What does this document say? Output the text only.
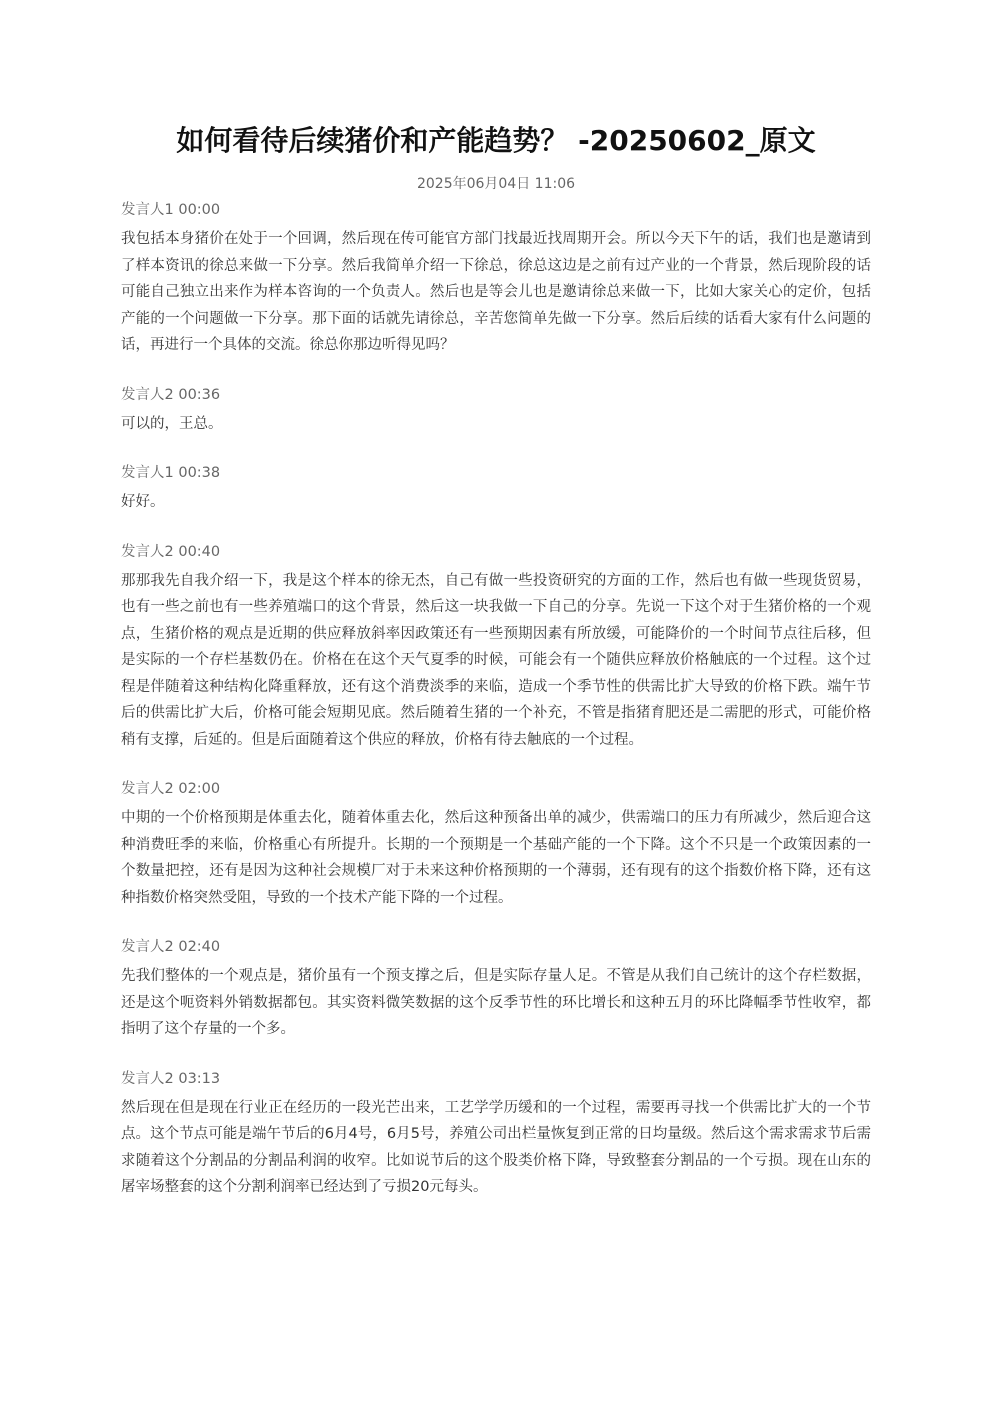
如何看待后续猪价和产能趋势？ -20250602_原文
2025年06月04日 11:06
发言人1 00:00
我包括本身猪价在处于一个回调，然后现在传可能官方部门找最近找周期开会。所以今天下午的话，我们也是邀请到了样本资讯的徐总来做一下分享。然后我简单介绍一下徐总，徐总这边是之前有过产业的一个背景，然后现阶段的话可能自己独立出来作为样本咨询的一个负责人。然后也是等会儿也是邀请徐总来做一下，比如大家关心的定价，包括产能的一个问题做一下分享。那下面的话就先请徐总，辛苦您简单先做一下分享。然后后续的话看大家有什么问题的话，再进行一个具体的交流。徐总你那边听得见吗？
发言人2 00:36
可以的，王总。
发言人1 00:38
好好。
发言人2 00:40
那那我先自我介绍一下，我是这个样本的徐无杰，自己有做一些投资研究的方面的工作，然后也有做一些现货贸易，也有一些之前也有一些养殖端口的这个背景，然后这一块我做一下自己的分享。先说一下这个对于生猪价格的一个观点，生猪价格的观点是近期的供应释放斜率因政策还有一些预期因素有所放缓，可能降价的一个时间节点往后移，但是实际的一个存栏基数仍在。价格在在这个天气夏季的时候，可能会有一个随供应释放价格触底的一个过程。这个过程是伴随着这种结构化降重释放，还有这个消费淡季的来临，造成一个季节性的供需比扩大导致的价格下跌。端午节后的供需比扩大后，价格可能会短期见底。然后随着生猪的一个补充，不管是指猪育肥还是二需肥的形式，可能价格稍有支撑，后延的。但是后面随着这个供应的释放，价格有待去触底的一个过程。
发言人2 02:00
中期的一个价格预期是体重去化，随着体重去化，然后这种预备出单的减少，供需端口的压力有所减少，然后迎合这种消费旺季的来临，价格重心有所提升。长期的一个预期是一个基础产能的一个下降。这个不只是一个政策因素的一个数量把控，还有是因为这种社会规模厂对于未来这种价格预期的一个薄弱，还有现有的这个指数价格下降，还有这种指数价格突然受阻，导致的一个技术产能下降的一个过程。
发言人2 02:40
先我们整体的一个观点是，猪价虽有一个预支撑之后，但是实际存量人足。不管是从我们自己统计的这个存栏数据，还是这个呃资料外销数据都包。其实资料微笑数据的这个反季节性的环比增长和这种五月的环比降幅季节性收窄，都指明了这个存量的一个多。
发言人2 03:13
然后现在但是现在行业正在经历的一段光芒出来，工艺学学历缓和的一个过程，需要再寻找一个供需比扩大的一个节点。这个节点可能是端午节后的6月4号，6月5号，养殖公司出栏量恢复到正常的日均量级。然后这个需求需求节后需求随着这个分割品的分割品利润的收窄。比如说节后的这个股类价格下降，导致整套分割品的一个亏损。现在山东的屠宰场整套的这个分割利润率已经达到了亏损20元每头。
